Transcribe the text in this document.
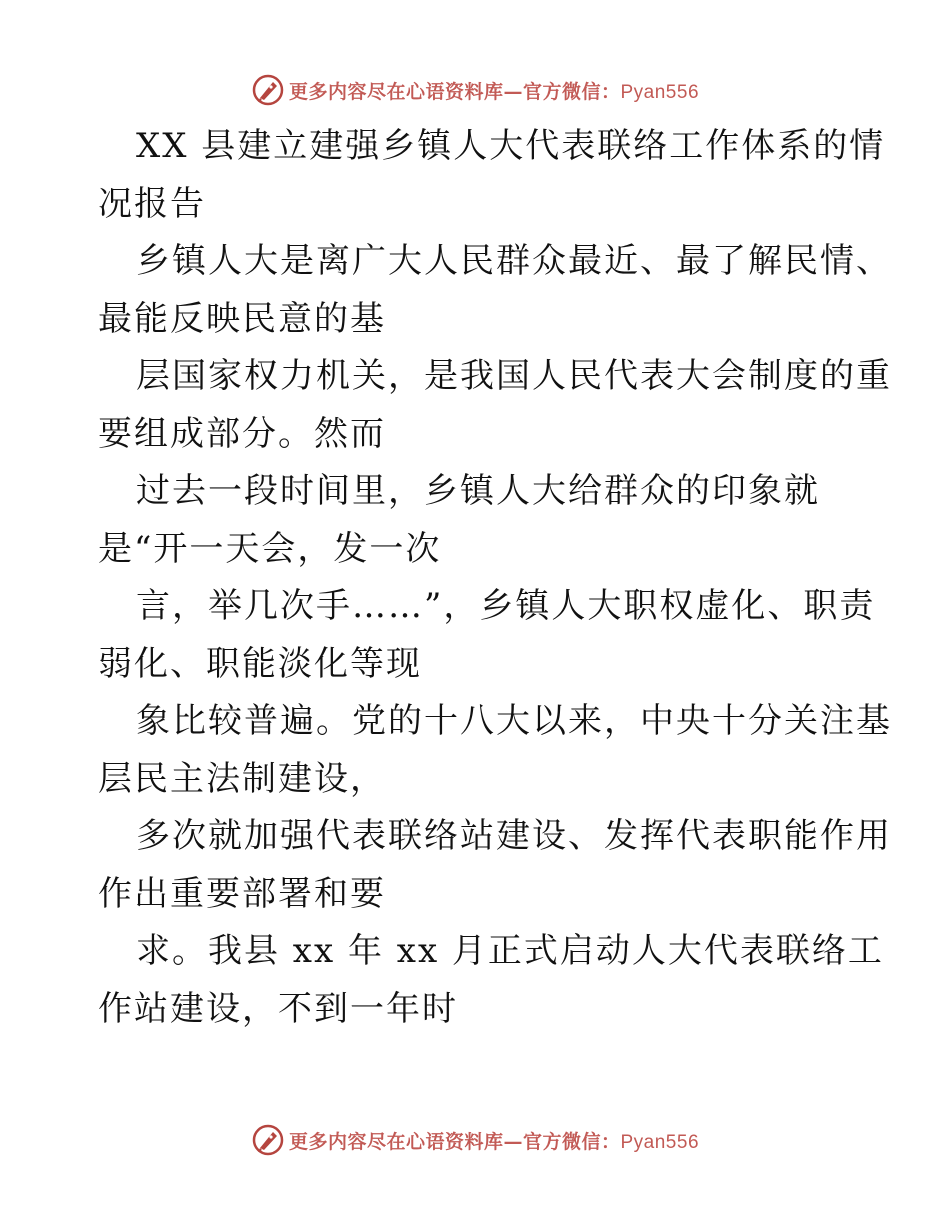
更多内容尽在心语资料库—官方微信：Pyan556
XX 县建立建强乡镇人大代表联络工作体系的情
况报告
乡镇人大是离广大人民群众最近、最了解民情、
最能反映民意的基
层国家权力机关，是我国人民代表大会制度的重
要组成部分。然而
过去一段时间里，乡镇人大给群众的印象就
是“开一天会，发一次
言，举几次手……”，乡镇人大职权虚化、职责
弱化、职能淡化等现
象比较普遍。党的十八大以来，中央十分关注基
层民主法制建设，
多次就加强代表联络站建设、发挥代表职能作用
作出重要部署和要
求。我县 xx 年 xx 月正式启动人大代表联络工
作站建设，不到一年时
更多内容尽在心语资料库—官方微信：Pyan556
